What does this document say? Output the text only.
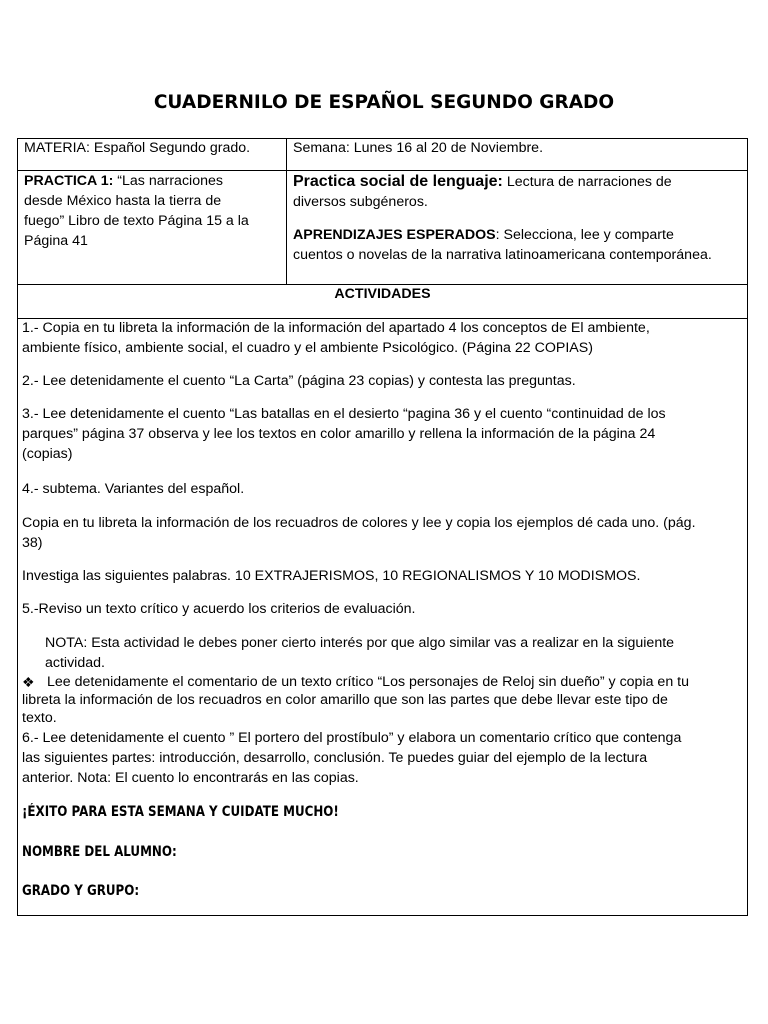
CUADERNILO DE ESPAÑOL SEGUNDO GRADO
MATERIA: Español Segundo grado.	Semana: Lunes 16 al 20 de Noviembre.
PRACTICA 1: “Las narraciones
desde México hasta la tierra de
fuego” Libro de texto Página 15 a la
Página 41
Practica social de lenguaje: Lectura de narraciones de
diversos subgéneros.
APRENDIZAJES ESPERADOS: Selecciona, lee y comparte
cuentos o novelas de la narrativa latinoamericana contemporánea.
ACTIVIDADES
1.- Copia en tu libreta la información de la información del apartado 4 los conceptos de El ambiente,
ambiente físico, ambiente social, el cuadro y el ambiente Psicológico. (Página 22 COPIAS)
2.- Lee detenidamente el cuento “La Carta” (página 23 copias) y contesta las preguntas.
3.- Lee detenidamente el cuento “Las batallas en el desierto “pagina 36 y el cuento “continuidad de los
parques” página 37 observa y lee los textos en color amarillo y rellena la información de la página 24
(copias)
4.- subtema. Variantes del español.
Copia en tu libreta la información de los recuadros de colores y lee y copia los ejemplos dé cada uno. (pág.
38)
Investiga las siguientes palabras. 10 EXTRAJERISMOS, 10 REGIONALISMOS Y 10 MODISMOS.
5.-Reviso un texto crítico y acuerdo los criterios de evaluación.
NOTA: Esta actividad le debes poner cierto interés por que algo similar vas a realizar en la siguiente
actividad.
❖ Lee detenidamente el comentario de un texto crítico “Los personajes de Reloj sin dueño” y copia en tu
libreta la información de los recuadros en color amarillo que son las partes que debe llevar este tipo de
texto.
6.- Lee detenidamente el cuento ” El portero del prostíbulo” y elabora un comentario crítico que contenga
las siguientes partes: introducción, desarrollo, conclusión. Te puedes guiar del ejemplo de la lectura
anterior. Nota: El cuento lo encontrarás en las copias.
¡ÉXITO PARA ESTA SEMANA Y CUIDATE MUCHO!
NOMBRE DEL ALUMNO:
GRADO Y GRUPO:
